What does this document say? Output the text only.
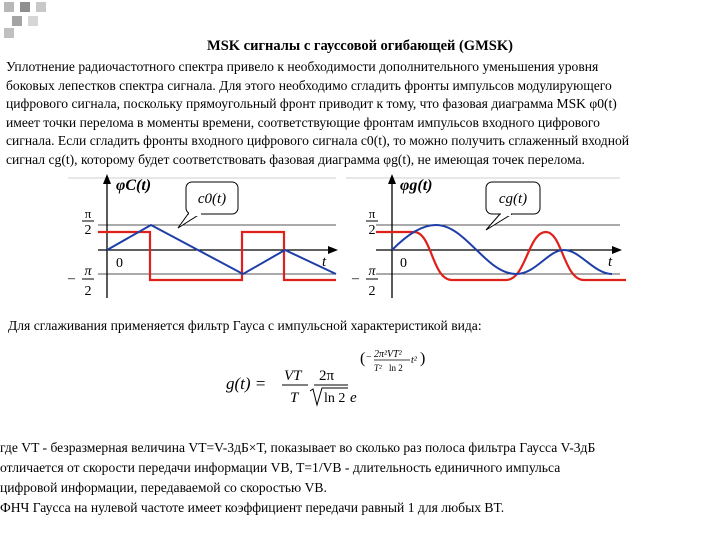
MSK сигналы с гауссовой огибающей (GMSK)
Уплотнение радиочастотного спектра привело к необходимости дополнительного уменьшения уровня
боковых лепестков спектра сигнала. Для этого необходимо сгладить фронты импульсов модулирующего
цифрового сигнала, поскольку прямоугольный фронт приводит к тому, что фазовая диаграмма MSK φ0(t)
имеет точки перелома в моменты времени, соответствующие фронтам импульсов входного цифрового
сигнала. Если сгладить фронты входного цифрового сигнала c0(t), то можно получить сглаженный входной
сигнал cg(t), которому будет соответствовать фазовая диаграмма φg(t), не имеющая точек перелома.
c0(t)
φC(t)
π
2
0
– π
2
t
cg(t)
φg(t)
π
2
0
– π
2
t
Для сглаживания применяется фильтр Гауса с импульсной характеристикой вида:
g(t) = VT
T
2π
ln 2 e
( − 2π²VT²
T² ln 2
t² )
где VT - безразмерная величина VT=V-3дБ×T, показывает во сколько раз полоса фильтра Гаусса V-3дБ
отличается от скорости передачи информации VB, T=1/VB - длительность единичного импульса
цифровой информации, передаваемой со скоростью VB.
ФНЧ Гаусса на нулевой частоте имеет коэффициент передачи равный 1 для любых BT.
